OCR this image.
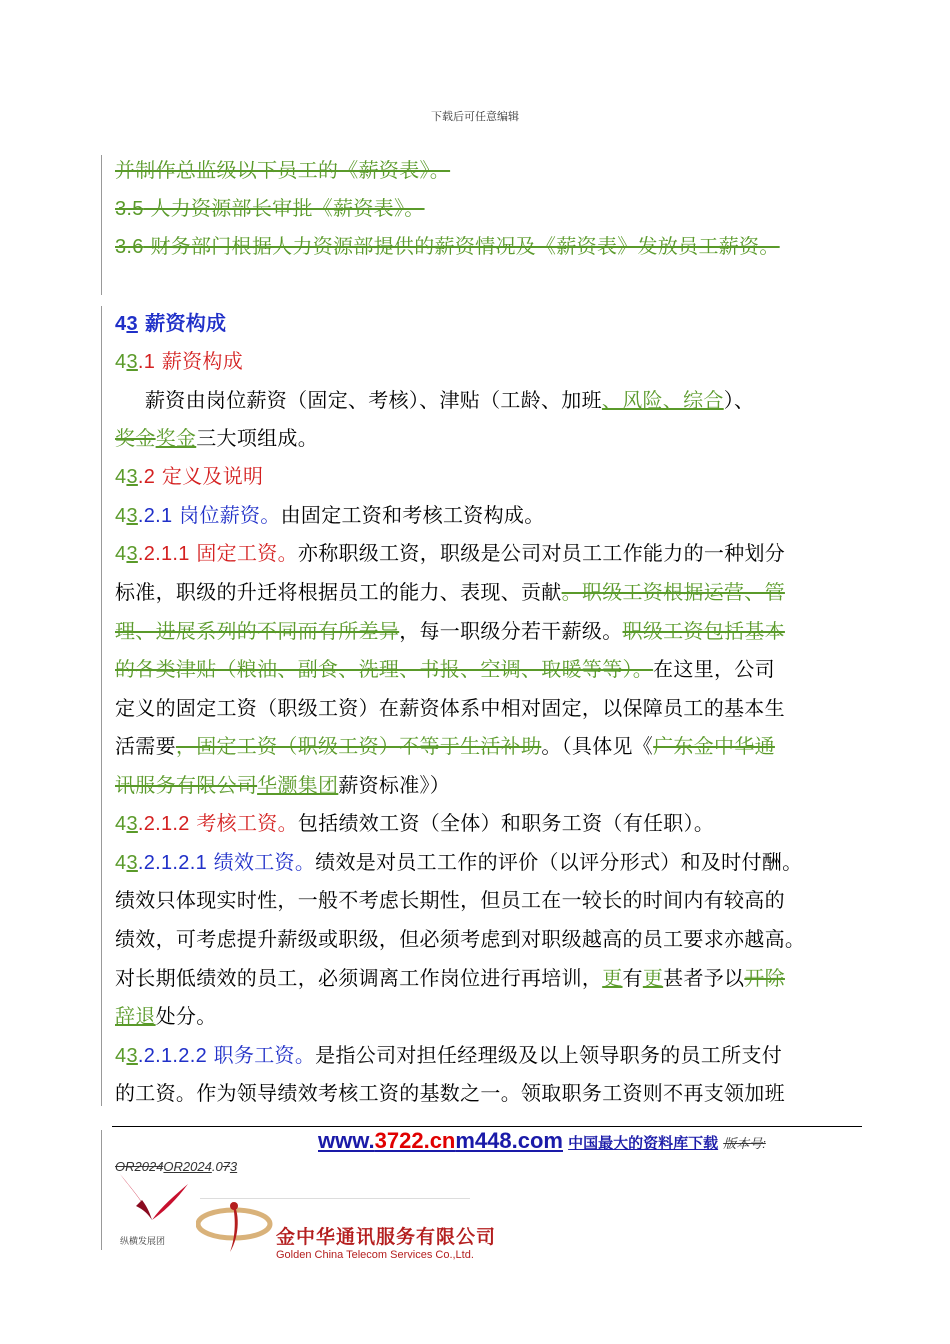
下载后可任意编辑
并制作总监级以下员工的《薪资表》。
3.5 人力资源部长审批《薪资表》。
3.6 财务部门根据人力资源部提供的薪资情况及《薪资表》发放员工薪资。
43 薪资构成
43.1 薪资构成
薪资由岗位薪资（固定、考核）、津贴（工龄、加班、风险、综合）、
奖金奖金三大项组成。
43.2 定义及说明
43.2.1 岗位薪资。由固定工资和考核工资构成。
43.2.1.1 固定工资。亦称职级工资，职级是公司对员工工作能力的一种划分
标准，职级的升迁将根据员工的能力、表现、贡献。职级工资根据运营、管
理、进展系列的不同而有所差异，每一职级分若干薪级。职级工资包括基本
的各类津贴（粮油、副食、洗理、书报、空调、取暖等等）。在这里，公司
定义的固定工资（职级工资）在薪资体系中相对固定，以保障员工的基本生
活需要，固定工资（职级工资）不等于生活补助。（具体见《广东金中华通
讯服务有限公司华灏集团薪资标准》）
43.2.1.2 考核工资。包括绩效工资（全体）和职务工资（有任职）。
43.2.1.2.1 绩效工资。绩效是对员工工作的评价（以评分形式）和及时付酬。
绩效只体现实时性，一般不考虑长期性，但员工在一较长的时间内有较高的
绩效，可考虑提升薪级或职级，但必须考虑到对职级越高的员工要求亦越高。
对长期低绩效的员工，必须调离工作岗位进行再培训，更有更甚者予以开除
辞退处分。
43.2.1.2.2 职务工资。是指公司对担任经理级及以上领导职务的员工所支付
的工资。作为领导绩效考核工资的基数之一。领取职务工资则不再支领加班
www.3722.cnm448.com 中国最大的资料库下载 版本号:
OR2024OR2024.073
纵横发展团	金中华通讯服务有限公司
Golden China Telecom Services Co.,Ltd.
